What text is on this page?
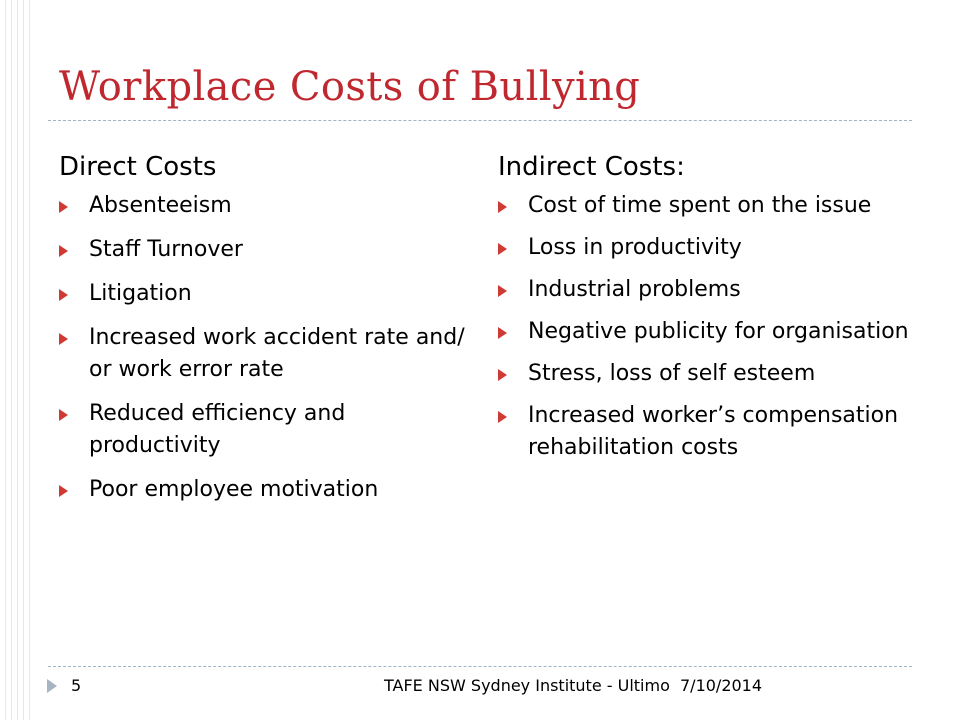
Workplace Costs of Bullying
Direct Costs
Absenteeism
Staff Turnover
Litigation
Increased work accident rate and/ or work error rate
Reduced efficiency and productivity
Poor employee motivation
Indirect Costs:
Cost of time spent on the issue
Loss in productivity
Industrial problems
Negative publicity for organisation
Stress, loss of self esteem
Increased worker’s compensation rehabilitation costs
5	TAFE NSW Sydney Institute - Ultimo 7/10/2014
